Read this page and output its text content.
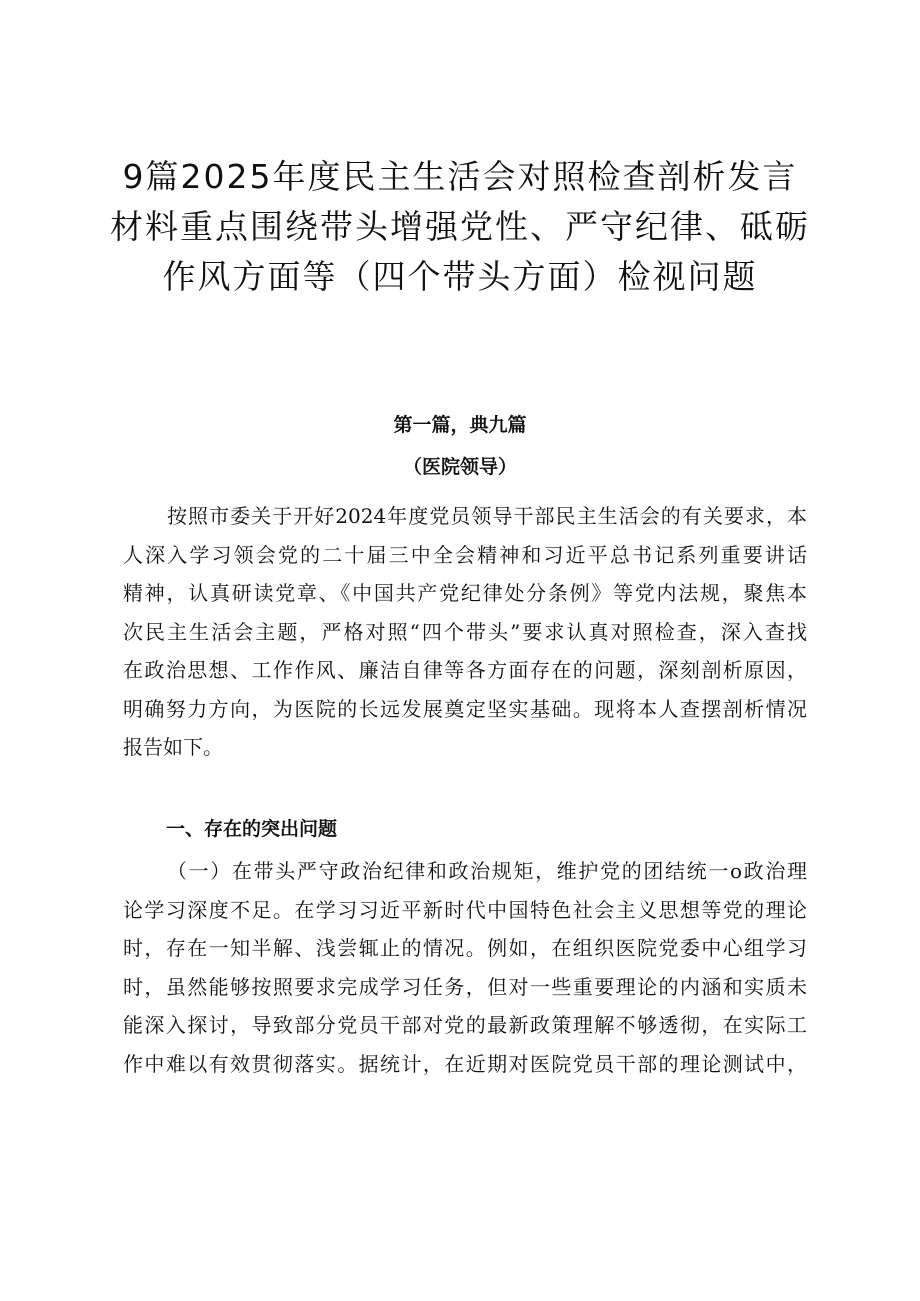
9篇2025年度民主生活会对照检查剖析发言
材料重点围绕带头增强党性、严守纪律、砥砺
作风方面等（四个带头方面）检视问题
第一篇，典九篇
（医院领导）
按照市委关于开好2024年度党员领导干部民主生活会的有关要求，本
人深入学习领会党的二十届三中全会精神和习近平总书记系列重要讲话
精神，认真研读党章、《中国共产党纪律处分条例》等党内法规，聚焦本
次民主生活会主题，严格对照“四个带头”要求认真对照检查，深入查找
在政治思想、工作作风、廉洁自律等各方面存在的问题，深刻剖析原因，
明确努力方向，为医院的长远发展奠定坚实基础。现将本人查摆剖析情况
报告如下。
一、存在的突出问题
（一）在带头严守政治纪律和政治规矩，维护党的团结统一o政治理
论学习深度不足。在学习习近平新时代中国特色社会主义思想等党的理论
时，存在一知半解、浅尝辄止的情况。例如，在组织医院党委中心组学习
时，虽然能够按照要求完成学习任务，但对一些重要理论的内涵和实质未
能深入探讨，导致部分党员干部对党的最新政策理解不够透彻，在实际工
作中难以有效贯彻落实。据统计，在近期对医院党员干部的理论测试中，
